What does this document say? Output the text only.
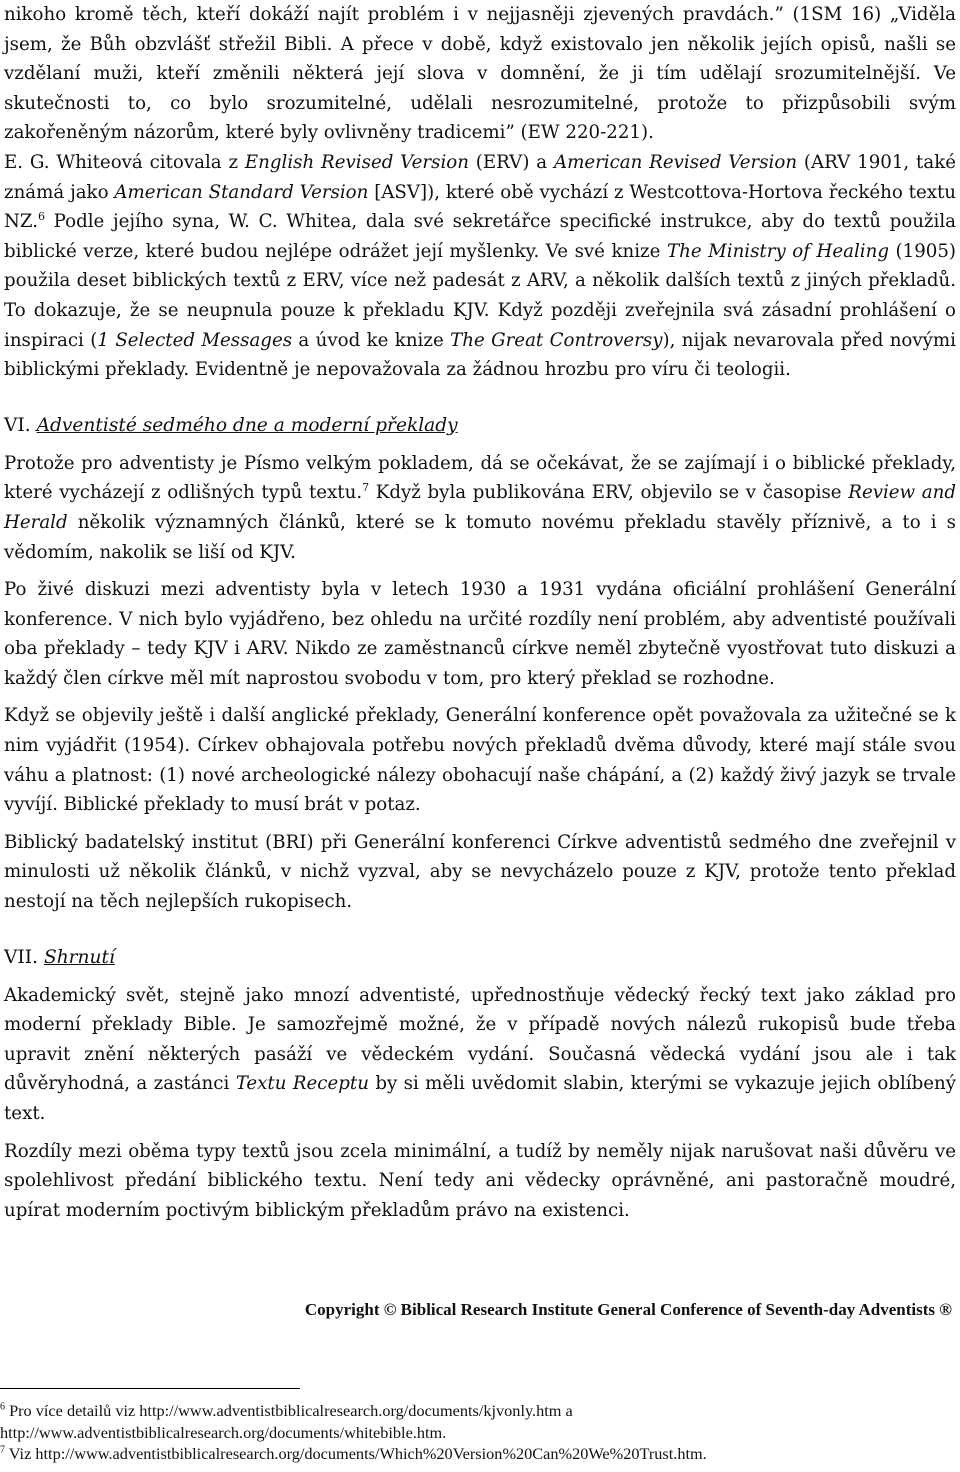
nikoho kromě těch, kteří dokáží najít problém i v nejjasněji zjevených pravdách.” (1SM 16) „Viděla jsem, že Bůh obzvlášť střežil Bibli. A přece v době, když existovalo jen několik jejích opisů, našli se vzdělaní muži, kteří změnili některá její slova v domnění, že ji tím udělají srozumitelnější. Ve skutečnosti to, co bylo srozumitelné, udělali nesrozumitelné, protože to přizpůsobili svým zakořeněným názorům, které byly ovlivněny tradicemi” (EW 220-221).

E. G. Whiteová citovala z English Revised Version (ERV) a American Revised Version (ARV 1901, také známá jako American Standard Version [ASV]), které obě vychází z Westcottova-Hortova řeckého textu NZ.$^6$ Podle jejího syna, W. C. Whitea, dala své sekretářce specifické instrukce, aby do textů použila biblické verze, které budou nejlépe odrážet její myšlenky. Ve své knize The Ministry of Healing (1905) použila deset biblických textů z ERV, více než padesát z ARV, a několik dalších textů z jiných překladů. To dokazuje, že se neupnula pouze k překladu KJV. Když později zveřejnila svá zásadní prohlášení o inspiraci (1 Selected Messages a úvod ke knize The Great Controversy), nijak nevarovala před novými biblickými překlady. Evidentně je nepovažovala za žádnou hrozbu pro víru či teologii.

VI. Adventisté sedmého dne a moderní překlady

Protože pro adventisty je Písmo velkým pokladem, dá se očekávat, že se zajímají i o biblické překlady, které vycházejí z odlišných typů textu.$^7$ Když byla publikována ERV, objevilo se v časopise Review and Herald několik významných článků, které se k tomuto novému překladu stavěly příznivě, a to i s vědomím, nakolik se liší od KJV.

Po živé diskuzi mezi adventisty byla v letech 1930 a 1931 vydána oficiální prohlášení Generální konference. V nich bylo vyjádřeno, bez ohledu na určité rozdíly není problém, aby adventisté používali oba překlady – tedy KJV i ARV. Nikdo ze zaměstnanců církve neměl zbytečně vyostřovat tuto diskuzi a každý člen církve měl mít naprostou svobodu v tom, pro který překlad se rozhodne.

Když se objevily ještě i další anglické překlady, Generální konference opět považovala za užitečné se k nim vyjádřit (1954). Církev obhajovala potřebu nových překladů dvěma důvody, které mají stále svou váhu a platnost: (1) nové archeologické nálezy obohacují naše chápání, a (2) každý živý jazyk se trvale vyvíjí. Biblické překlady to musí brát v potaz.

Biblický badatelský institut (BRI) při Generální konferenci Církve adventistů sedmého dne zveřejnil v minulosti už několik článků, v nichž vyzval, aby se nevycházelo pouze z KJV, protože tento překlad nestojí na těch nejlepších rukopisech.

VII. Shrnutí

Akademický svět, stejně jako mnozí adventisté, upřednostňuje vědecký řecký text jako základ pro moderní překlady Bible. Je samozřejmě možné, že v případě nových nálezů rukopisů bude třeba upravit znění některých pasáží ve vědeckém vydání. Současná vědecká vydání jsou ale i tak důvěryhodná, a zastánci Textu Receptu by si měli uvědomit slabin, kterými se vykazuje jejich oblíbený text.

Rozdíly mezi oběma typy textů jsou zcela minimální, a tudíž by neměly nijak narušovat naši důvěru ve spolehlivost předání biblického textu. Není tedy ani vědecky oprávněné, ani pastoračně moudré, upírat moderním poctivým biblickým překladům právo na existenci.

Copyright © Biblical Research Institute General Conference of Seventh-day Adventists ®

$^6$ Pro více detailů viz http://www.adventistbiblicalresearch.org/documents/kjvonly.htm a http://www.adventistbiblicalresearch.org/documents/whitebible.htm.

$^7$ Viz http://www.adventistbiblicalresearch.org/documents/Which%20Version%20Can%20We%20Trust.htm.
